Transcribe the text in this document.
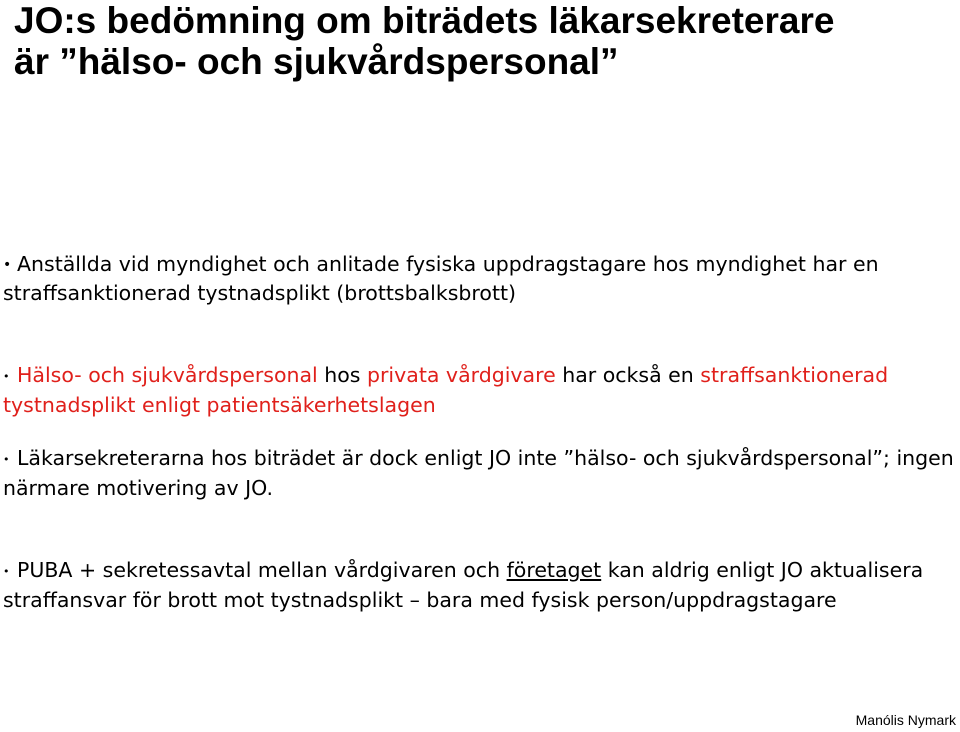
JO:s bedömning om biträdets läkarsekreterare
är ”hälso- och sjukvårdspersonal”
• Anställda vid myndighet och anlitade fysiska uppdragstagare hos myndighet har en straffsanktionerad tystnadsplikt (brottsbalksbrott)
• Hälso- och sjukvårdspersonal hos privata vårdgivare har också en straffsanktionerad tystnadsplikt enligt patientsäkerhetslagen
• Läkarsekreterarna hos biträdet är dock enligt JO inte ”hälso- och sjukvårdspersonal”; ingen närmare motivering av JO.
• PUBA + sekretessavtal mellan vårdgivaren och företaget kan aldrig enligt JO aktualisera straffansvar för brott mot tystnadsplikt – bara med fysisk person/uppdragstagare
Manólis Nymark
